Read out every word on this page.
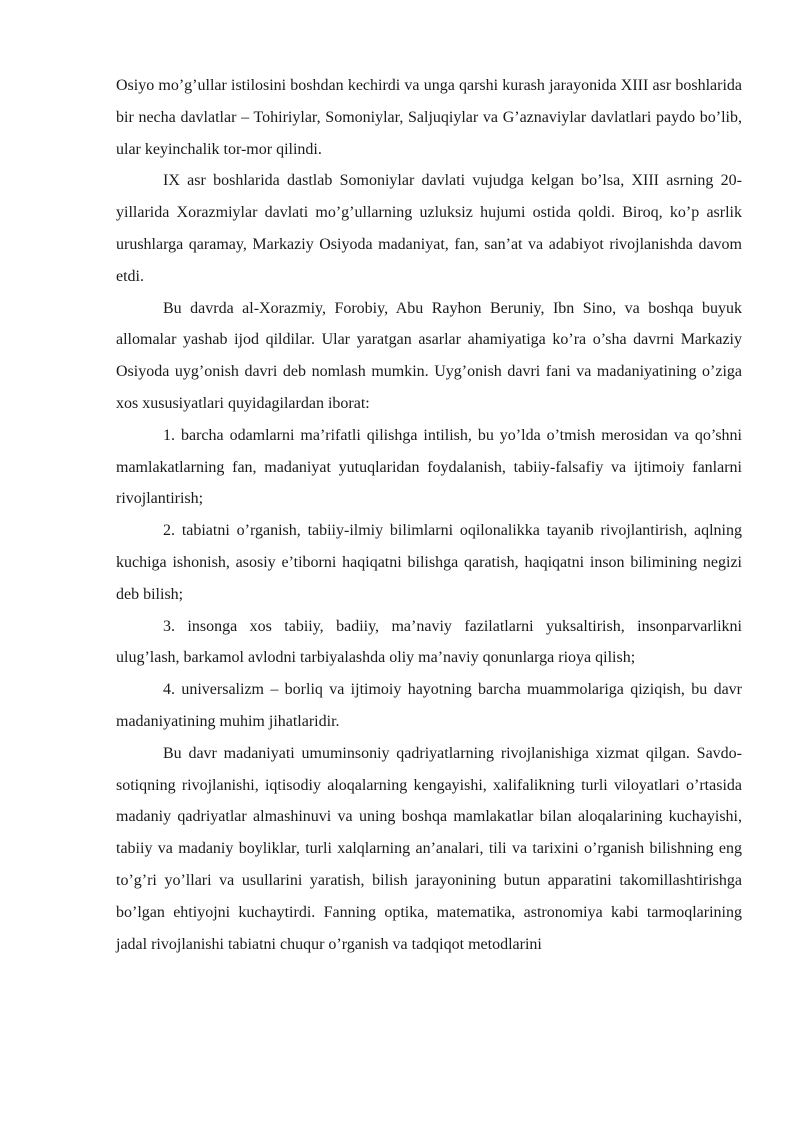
Osiyo mo’g’ullar istilosini boshdan kechirdi va unga qarshi kurash jarayonida XIII asr boshlarida bir necha davlatlar – Tohiriylar, Somoniylar, Saljuqiylar va G’aznaviylar davlatlari paydo bo’lib, ular keyinchalik tor-mor qilindi.

IX asr boshlarida dastlab Somoniylar davlati vujudga kelgan bo’lsa, XIII asrning 20-yillarida Xorazmiylar davlati mo’g’ullarning uzluksiz hujumi ostida qoldi. Biroq, ko’p asrlik urushlarga qaramay, Markaziy Osiyoda madaniyat, fan, san’at va adabiyot rivojlanishda davom etdi.

Bu davrda al-Xorazmiy, Forobiy, Abu Rayhon Beruniy, Ibn Sino, va boshqa buyuk allomalar yashab ijod qildilar. Ular yaratgan asarlar ahamiyatiga ko’ra o’sha davrni Markaziy Osiyoda uyg’onish davri deb nomlash mumkin. Uyg’onish davri fani va madaniyatining o’ziga xos xususiyatlari quyidagilardan iborat:

1. barcha odamlarni ma’rifatli qilishga intilish, bu yo’lda o’tmish merosidan va qo’shni mamlakatlarning fan, madaniyat yutuqlaridan foydalanish, tabiiy-falsafiy va ijtimoiy fanlarni rivojlantirish;

2. tabiatni o’rganish, tabiiy-ilmiy bilimlarni oqilonalikka tayanib rivojlantirish, aqlning kuchiga ishonish, asosiy e’tiborni haqiqatni bilishga qaratish, haqiqatni inson bilimining negizi deb bilish;

3. insonga xos tabiiy, badiiy, ma’naviy fazilatlarni yuksaltirish, insonparvarlikni ulug’lash, barkamol avlodni tarbiyalashda oliy ma’naviy qonunlarga rioya qilish;

4. universalizm – borliq va ijtimoiy hayotning barcha muammolariga qiziqish, bu davr madaniyatining muhim jihatlaridir.

Bu davr madaniyati umuminsoniy qadriyatlarning rivojlanishiga xizmat qilgan. Savdo-sotiqning rivojlanishi, iqtisodiy aloqalarning kengayishi, xalifalikning turli viloyatlari o’rtasida madaniy qadriyatlar almashinuvi va uning boshqa mamlakatlar bilan aloqalarining kuchayishi, tabiiy va madaniy boyliklar, turli xalqlarning an’analari, tili va tarixini o’rganish bilishning eng to’g’ri yo’llari va usullarini yaratish, bilish jarayonining butun apparatini takomillashtirishga bo’lgan ehtiyojni kuchaytirdi. Fanning optika, matematika, astronomiya kabi tarmoqlarining jadal rivojlanishi tabiatni chuqur o’rganish va tadqiqot metodlarini
